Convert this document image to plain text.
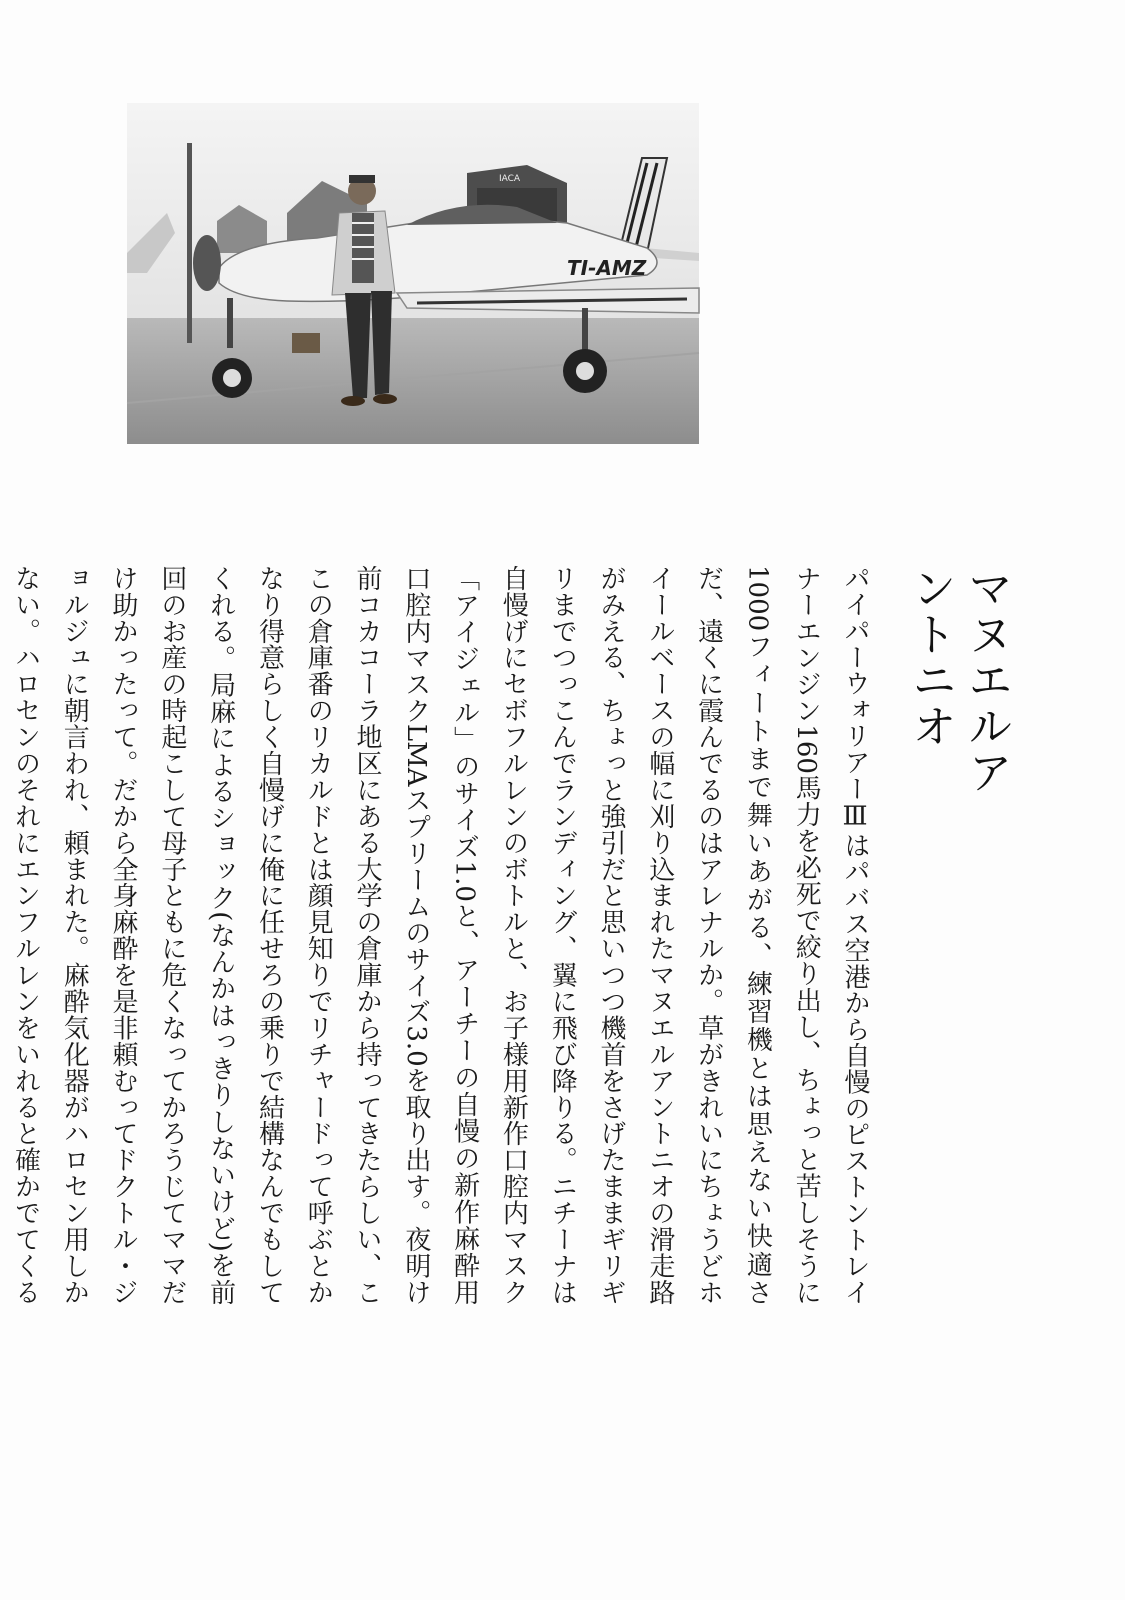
IACA
TI-AMZ
マヌエルアントニオ

パイパーウォリアーⅢはパバス空港から自慢のピストントレイナーエンジン160馬力を必死で絞り出し、ちょっと苦しそうに1000フィートまで舞いあがる、練習機とは思えない快適さだ、遠くに霞んでるのはアレナルか。草がきれいにちょうどホイールベースの幅に刈り込まれたマヌエルアントニオの滑走路がみえる、ちょっと強引だと思いつつ機首をさげたままギリギリまでつっこんでランディング、翼に飛び降りる。ニチーナは自慢げにセボフルレンのボトルと、お子様用新作口腔内マスク「アイジェル」のサイズ1.0と、アーチーの自慢の新作麻酔用口腔内マスクLMAスプリームのサイズ3.0を取り出す。夜明け前コカコーラ地区にある大学の倉庫から持ってきたらしい、ここの倉庫番のリカルドとは顔見知りでリチャードって呼ぶとかなり得意らしく自慢げに俺に任せろの乗りで結構なんでもしてくれる。局麻によるショック(なんかはっきりしないけど)を前回のお産の時起こして母子ともに危くなってかろうじてママだけ助かったって。だから全身麻酔を是非頼むってドクトル・ジョルジュに朝言われ、頼まれた。麻酔気化器がハロセン用しかない。ハロセンのそれにエンフルレンをいれると確かでてくる
